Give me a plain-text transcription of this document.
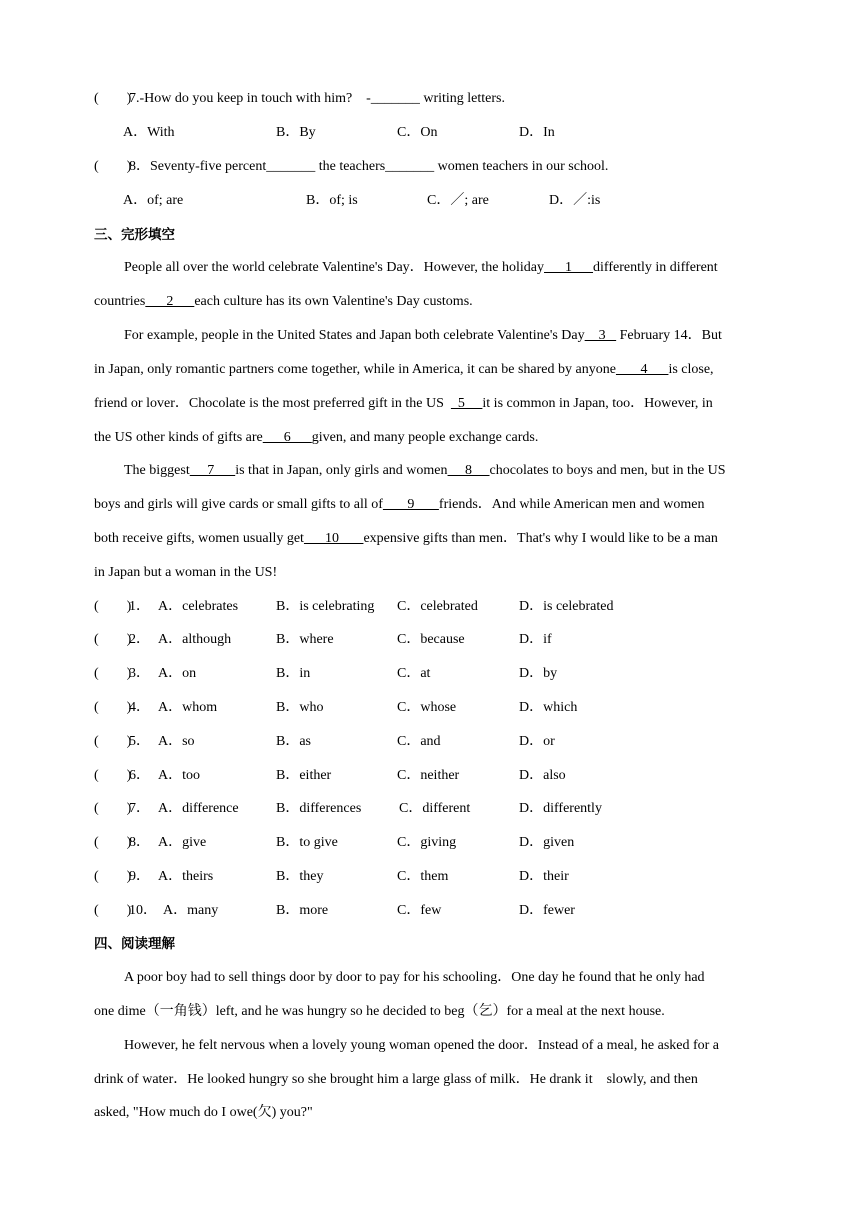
(        )
7.-How do you keep in touch with him?    -_______ writing letters.
A．With	B．By	C．On	D．In
(        )
8．Seventy-five percent_______ the teachers_______ women teachers in our school.
A．of; are	B．of; is	C．／; are	D．／:is
三、完形填空
People all over the world celebrate Valentine's Day．However, the holiday      1      differently in different
countries      2      each culture has its own Valentine's Day customs.
For example, people in the United States and Japan both celebrate Valentine's Day    3    February 14．But
in Japan, only romantic partners come together, while in America, it can be shared by anyone       4      is close,
friend or lover．Chocolate is the most preferred gift in the US    5     it is common in Japan, too．However, in
the US other kinds of gifts are      6      given, and many people exchange cards.
The biggest     7      is that in Japan, only girls and women     8     chocolates to boys and men, but in the US
boys and girls will give cards or small gifts to all of       9       friends．And while American men and women
both receive gifts, women usually get      10       expensive gifts than men．That's why I would like to be a man
in Japan but a woman in the US!
(        )
1． A．celebrates	B．is celebrating C．celebrated	D．is celebrated
(        )
2． A．although	B．where	C．because	D．if
(        )
3． A．on	B．in	C．at	D．by
(        )
4． A．whom	B．who	C．whose	D．which
(        )
5． A．so	B．as	C．and	D．or
(        )
6． A．too	B．either	C．neither	D．also
(        )
7． A．difference	B．differences	C．different	D．differently
(        )
8． A．give	B．to give	C．giving	D．given
(        )
9． A．theirs	B．they	C．them	D．their
(        )
10． A．many	B．more	C．few	D．fewer
四、阅读理解
A poor boy had to sell things door by door to pay for his schooling．One day he found that he only had
one dime（一角钱）left, and he was hungry so he decided to beg（乞）for a meal at the next house.
However, he felt nervous when a lovely young woman opened the door．Instead of a meal, he asked for a
drink of water．He looked hungry so she brought him a large glass of milk．He drank it    slowly, and then
asked, "How much do I owe(欠) you?"
